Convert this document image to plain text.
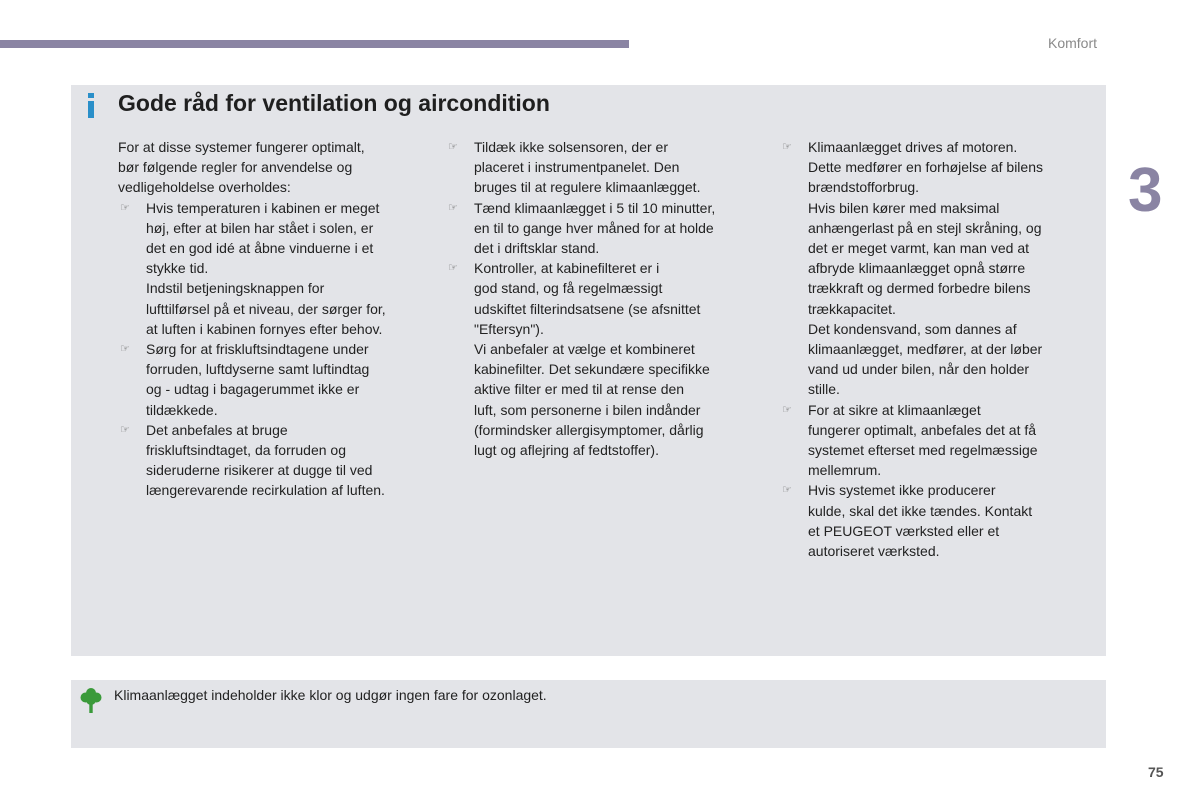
Komfort
3
75
Gode råd for ventilation og aircondition
For at disse systemer fungerer optimalt,
bør følgende regler for anvendelse og
vedligeholdelse overholdes:
☞ Hvis temperaturen i kabinen er meget

høj, efter at bilen har stået i solen, er

det en god idé at åbne vinduerne i et

stykke tid.

Indstil betjeningsknappen for

lufttilførsel på et niveau, der sørger for,

at luften i kabinen fornyes efter behov.

☞ Sørg for at friskluftsindtagene under

forruden, luftdyserne samt luftindtag

og - udtag i bagagerummet ikke er

tildækkede.

☞ Det anbefales at bruge

friskluftsindtaget, da forruden og

sideruderne risikerer at dugge til ved

længerevarende recirkulation af luften.

☞ Tildæk ikke solsensoren, der er

placeret i instrumentpanelet. Den

bruges til at regulere klimaanlægget.

☞ Tænd klimaanlægget i 5 til 10 minutter,

en til to gange hver måned for at holde

det i driftsklar stand.

☞ Kontroller, at kabinefilteret er i

god stand, og få regelmæssigt

udskiftet filterindsatsene (se afsnittet

"Eftersyn").

Vi anbefaler at vælge et kombineret

kabinefilter. Det sekundære specifikke

aktive filter er med til at rense den

luft, som personerne i bilen indånder

(formindsker allergisymptomer, dårlig

lugt og aflejring af fedtstoffer).

☞ Klimaanlægget drives af motoren.

Dette medfører en forhøjelse af bilens

brændstofforbrug.

Hvis bilen kører med maksimal

anhængerlast på en stejl skråning, og

det er meget varmt, kan man ved at

afbryde klimaanlægget opnå større

trækkraft og dermed forbedre bilens

trækkapacitet.

Det kondensvand, som dannes af

klimaanlægget, medfører, at der løber

vand ud under bilen, når den holder

stille.

☞ For at sikre at klimaanlæget

fungerer optimalt, anbefales det at få

systemet efterset med regelmæssige

mellemrum.

☞ Hvis systemet ikke producerer

kulde, skal det ikke tændes. Kontakt

et PEUGEOT værksted eller et

autoriseret værksted.

Klimaanlægget indeholder ikke klor og udgør ingen fare for ozonlaget.
